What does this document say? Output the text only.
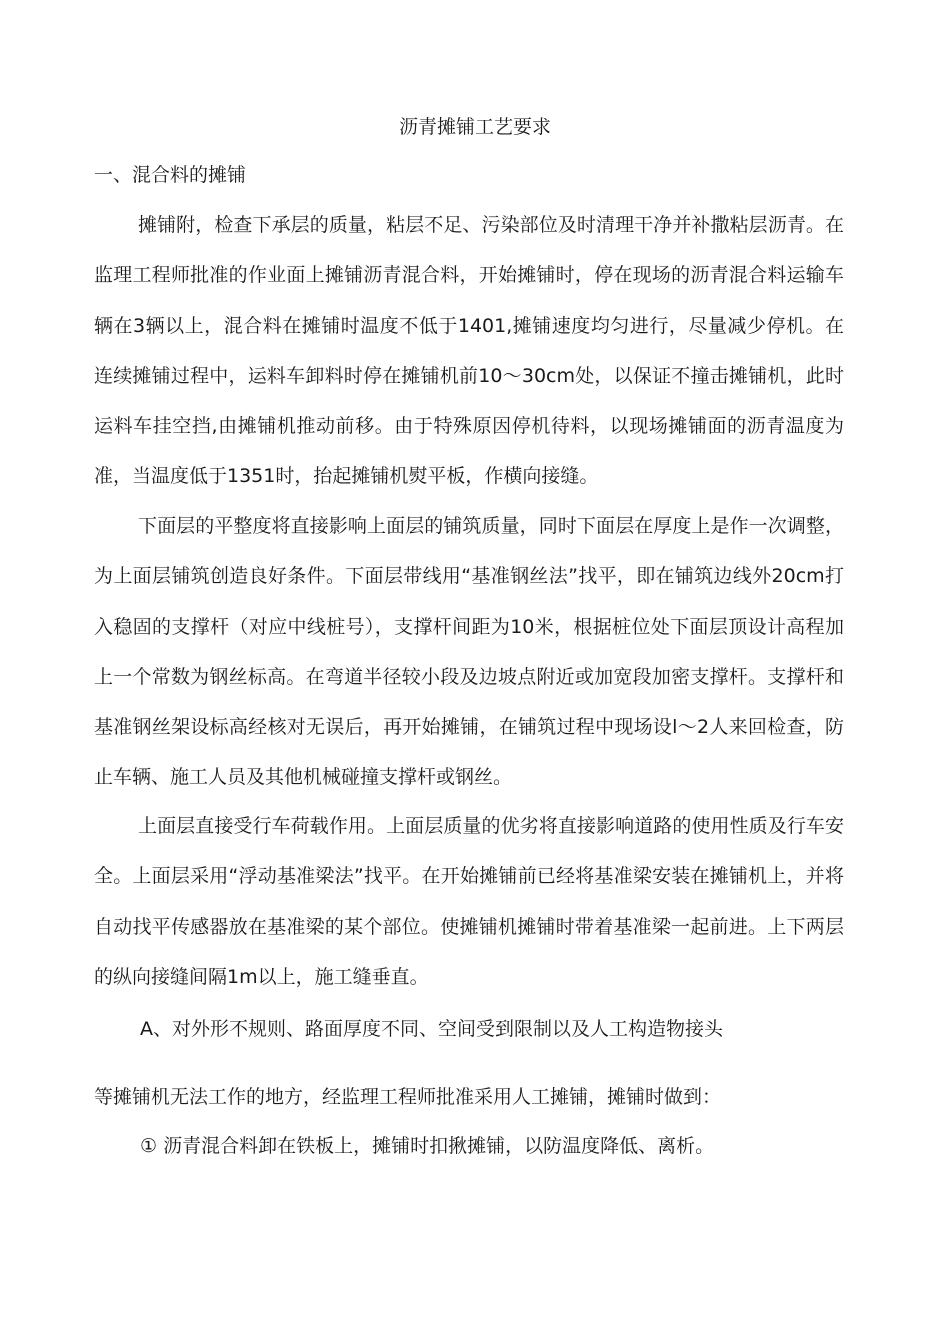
沥青摊铺工艺要求
一、混合料的摊铺

摊铺附，检查下承层的质量，粘层不足、污染部位及时清理干净并补撒粘层沥青。在监理工程师批准的作业面上摊铺沥青混合料，开始摊铺时，停在现场的沥青混合料运输车辆在3辆以上，混合料在摊铺时温度不低于1401,摊铺速度均匀进行，尽量减少停机。在连续摊铺过程中，运料车卸料时停在摊铺机前10〜30cm处，以保证不撞击摊铺机，此时运料车挂空挡,由摊铺机推动前移。由于特殊原因停机待料，以现场摊铺面的沥青温度为准，当温度低于1351时，抬起摊铺机熨平板，作横向接缝。

下面层的平整度将直接影响上面层的铺筑质量，同时下面层在厚度上是作一次调整，为上面层铺筑创造良好条件。下面层带线用“基准钢丝法”找平，即在铺筑边线外20cm打入稳固的支撑杆（对应中线桩号），支撑杆间距为10米，根据桩位处下面层顶设计高程加上一个常数为钢丝标高。在弯道半径较小段及边坡点附近或加宽段加密支撑杆。支撑杆和基准钢丝架设标高经核对无误后，再开始摊铺，在铺筑过程中现场设l〜2人来回检查，防止车辆、施工人员及其他机械碰撞支撑杆或钢丝。

上面层直接受行车荷载作用。上面层质量的优劣将直接影响道路的使用性质及行车安全。上面层采用“浮动基准梁法”找平。在开始摊铺前已经将基准梁安装在摊铺机上，并将自动找平传感器放在基准梁的某个部位。使摊铺机摊铺时带着基准梁一起前进。上下两层的纵向接缝间隔1m以上，施工缝垂直。

A、对外形不规则、路面厚度不同、空间受到限制以及人工构造物接头
等摊铺机无法工作的地方，经监理工程师批准采用人工摊铺，摊铺时做到：
① 沥青混合料卸在铁板上，摊铺时扣揪摊铺，以防温度降低、离析。
